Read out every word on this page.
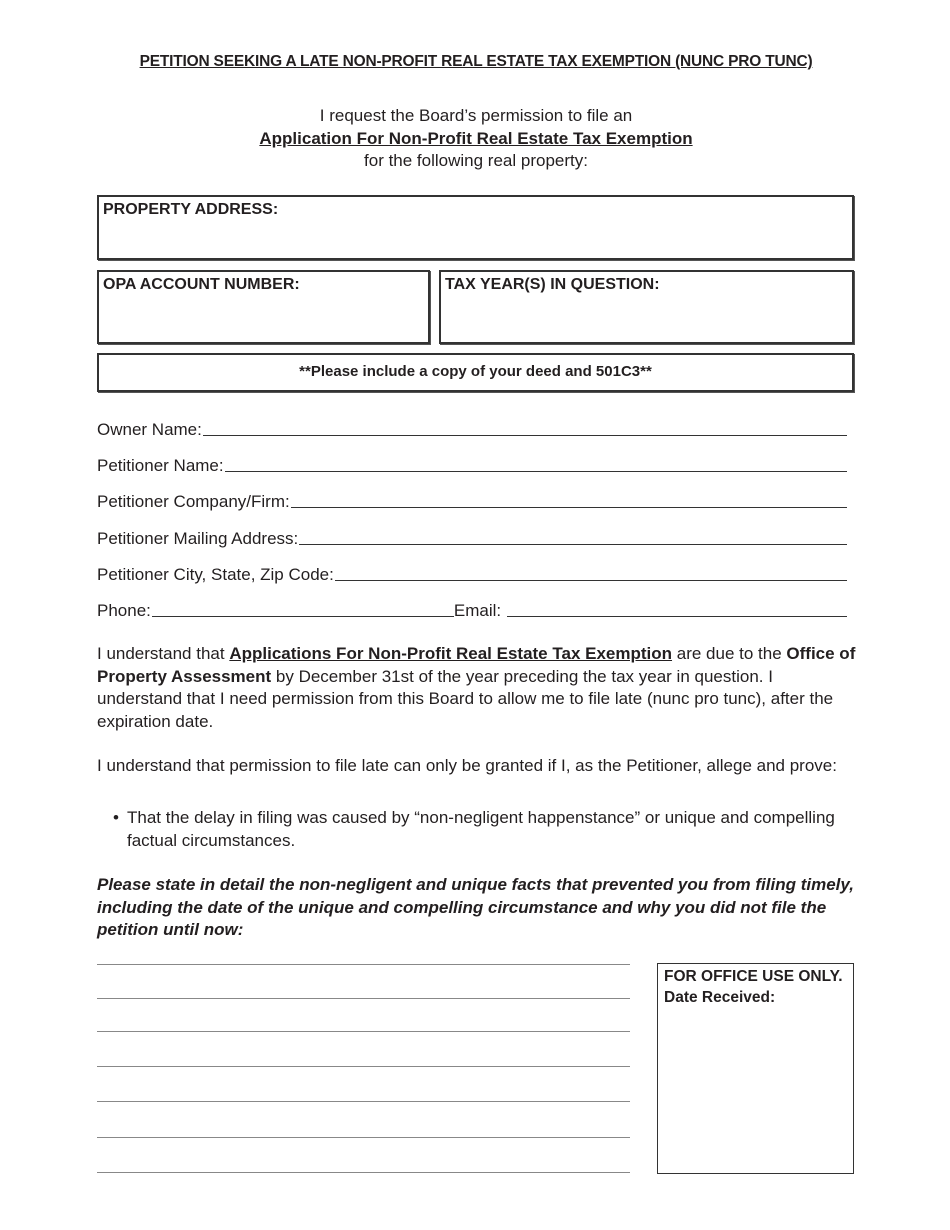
PETITION SEEKING A LATE NON-PROFIT REAL ESTATE TAX EXEMPTION (NUNC PRO TUNC)
I request the Board’s permission to file an
Application For Non-Profit Real Estate Tax Exemption
for the following real property:
PROPERTY ADDRESS:
OPA ACCOUNT NUMBER:	TAX YEAR(S) IN QUESTION:
**Please include a copy of your deed and 501C3**
Owner Name:
Petitioner Name:
Petitioner Company/Firm:
Petitioner Mailing Address:
Petitioner City, State, Zip Code:
Phone:	Email:
I understand that Applications For Non-Profit Real Estate Tax Exemption are due to the Office of Property Assessment by December 31st of the year preceding the tax year in question. I understand that I need permission from this Board to allow me to file late (nunc pro tunc), after the expiration date.
I understand that permission to file late can only be granted if I, as the Petitioner, allege and prove:
• That the delay in filing was caused by “non-negligent happenstance” or unique and compelling factual circumstances.
Please state in detail the non-negligent and unique facts that prevented you from filing timely, including the date of the unique and compelling circumstance and why you did not file the petition until now:
FOR OFFICE USE ONLY.
Date Received:
